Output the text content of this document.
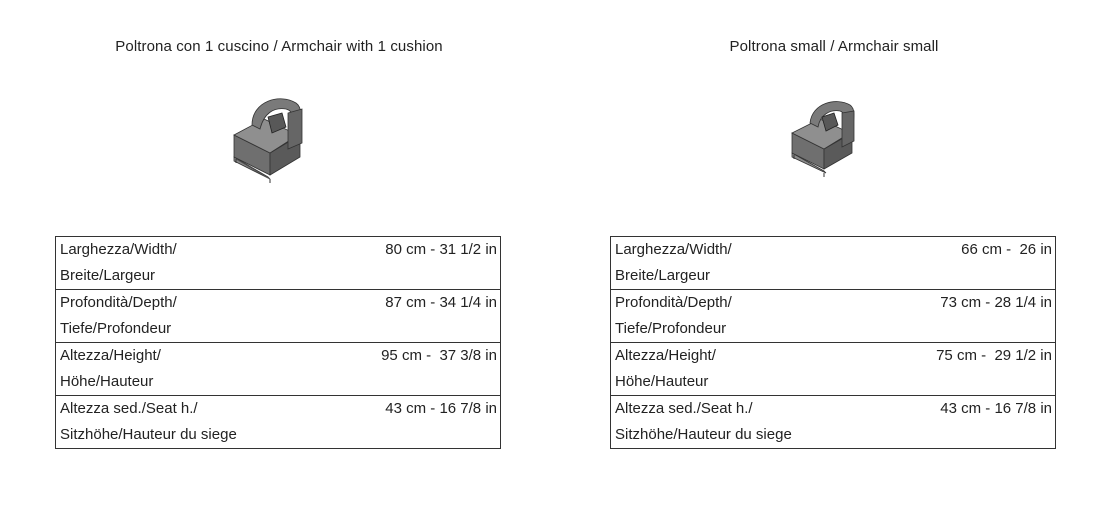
Poltrona con 1 cuscino / Armchair with 1 cushion
Larghezza/Width/
Breite/Largeur	80 cm - 31 1/2 in
Profondità/Depth/
Tiefe/Profondeur	87 cm - 34 1/4 in
Altezza/Height/
Höhe/Hauteur	95 cm -  37 3/8 in
Altezza sed./Seat h./
Sitzhöhe/Hauteur du siege	43 cm - 16 7/8 in
Poltrona small / Armchair small
Larghezza/Width/
Breite/Largeur	66 cm -  26 in
Profondità/Depth/
Tiefe/Profondeur	73 cm - 28 1/4 in
Altezza/Height/
Höhe/Hauteur	75 cm -  29 1/2 in
Altezza sed./Seat h./
Sitzhöhe/Hauteur du siege	43 cm - 16 7/8 in
